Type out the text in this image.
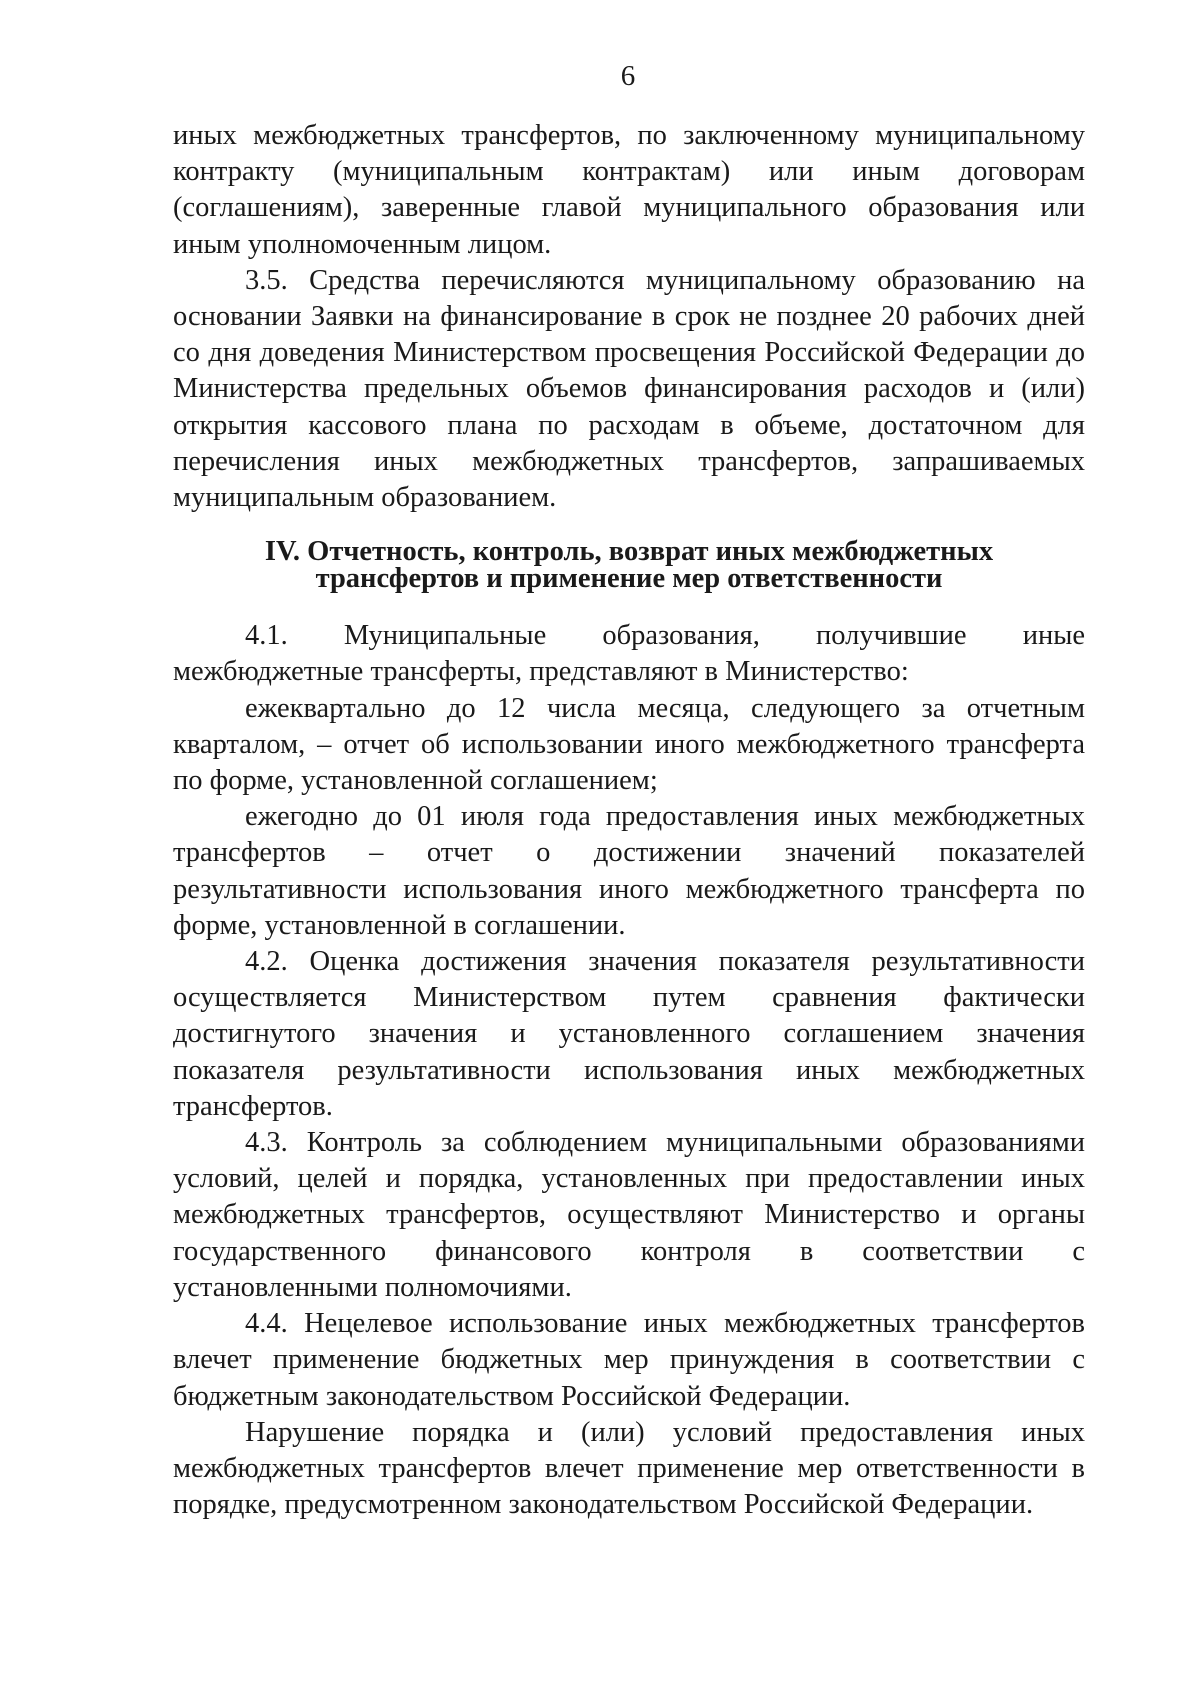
6

иных межбюджетных трансфертов, по заключенному муниципальному контракту (муниципальным контрактам) или иным договорам (соглашениям), заверенные главой муниципального образования или иным уполномоченным лицом.

3.5. Средства перечисляются муниципальному образованию на основании Заявки на финансирование в срок не позднее 20 рабочих дней со дня доведения Министерством просвещения Российской Федерации до Министерства предельных объемов финансирования расходов и (или) открытия кассового плана по расходам в объеме, достаточном для перечисления иных межбюджетных трансфертов, запрашиваемых муниципальным образованием.

IV. Отчетность, контроль, возврат иных межбюджетных
трансфертов и применение мер ответственности

4.1. Муниципальные образования, получившие иные межбюджетные трансферты, представляют в Министерство:

ежеквартально до 12 числа месяца, следующего за отчетным кварталом, – отчет об использовании иного межбюджетного трансферта по форме, установленной соглашением;

ежегодно до 01 июля года предоставления иных межбюджетных трансфертов – отчет о достижении значений показателей результативности использования иного межбюджетного трансферта по форме, установленной в соглашении.

4.2. Оценка достижения значения показателя результативности осуществляется Министерством путем сравнения фактически достигнутого значения и установленного соглашением значения показателя результативности использования иных межбюджетных трансфертов.

4.3. Контроль за соблюдением муниципальными образованиями условий, целей и порядка, установленных при предоставлении иных межбюджетных трансфертов, осуществляют Министерство и органы государственного финансового контроля в соответствии с установленными полномочиями.

4.4. Нецелевое использование иных межбюджетных трансфертов влечет применение бюджетных мер принуждения в соответствии с бюджетным законодательством Российской Федерации.

Нарушение порядка и (или) условий предоставления иных межбюджетных трансфертов влечет применение мер ответственности в порядке, предусмотренном законодательством Российской Федерации.
